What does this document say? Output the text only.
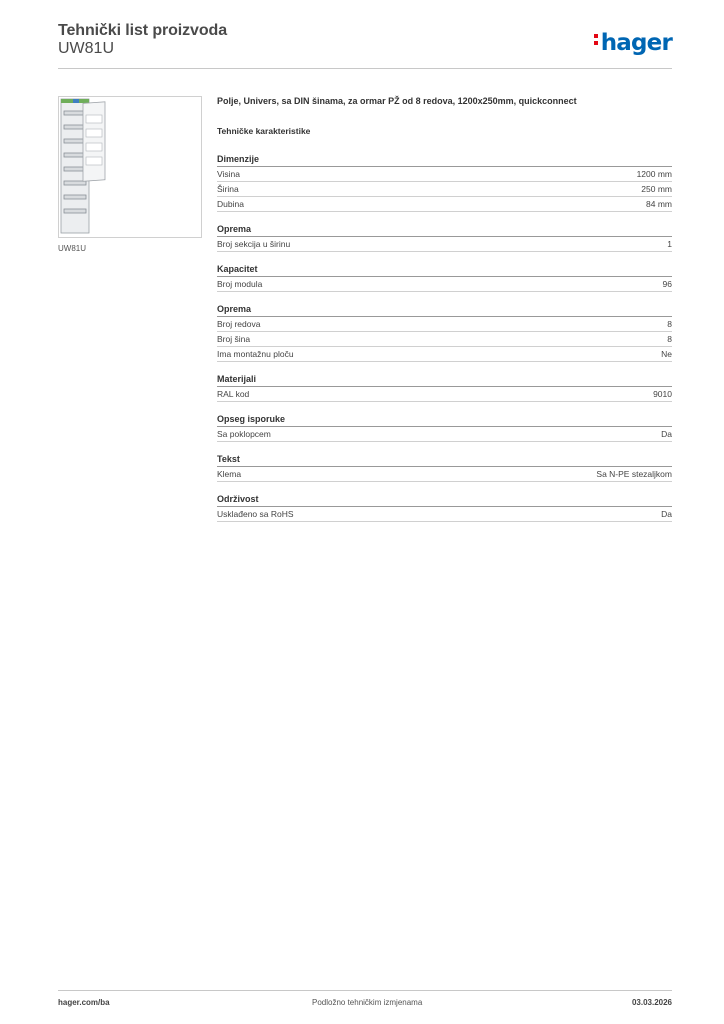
Tehnički list proizvoda
UW81U	hager
UW81U
Polje, Univers, sa DIN šinama, za ormar PŽ od 8 redova, 1200x250mm, quickconnect
Tehničke karakteristike
Dimenzije
Visina	1200 mm
Širina	250 mm
Dubina	84 mm
Oprema
Broj sekcija u širinu	1
Kapacitet
Broj modula	96
Oprema
Broj redova	8
Broj šina	8
Ima montažnu ploču	Ne
Materijali
RAL kod	9010
Opseg isporuke
Sa poklopcem	Da
Tekst
Klema	Sa N-PE stezaljkom
Održivost
Usklađeno sa RoHS	Da
hager.com/ba	Podložno tehničkim izmjenama	03.03.2026
